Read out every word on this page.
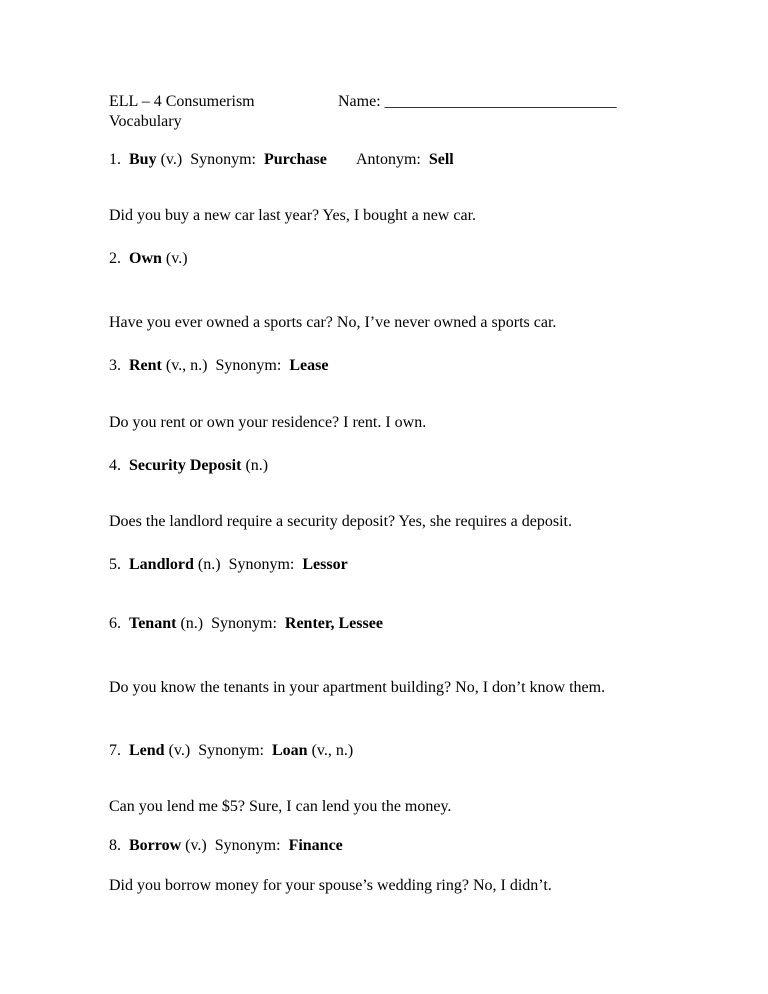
ELL – 4 Consumerism
Vocabulary
Name: _____________________________
1. Buy (v.) Synonym: Purchase Antonym: Sell
Did you buy a new car last year? Yes, I bought a new car.
2. Own (v.)
Have you ever owned a sports car? No, I’ve never owned a sports car.
3. Rent (v., n.) Synonym: Lease
Do you rent or own your residence? I rent. I own.
4. Security Deposit (n.)
Does the landlord require a security deposit? Yes, she requires a deposit.
5. Landlord (n.) Synonym: Lessor
6. Tenant (n.) Synonym: Renter, Lessee
Do you know the tenants in your apartment building? No, I don’t know them.
7. Lend (v.) Synonym: Loan (v., n.)
Can you lend me $5? Sure, I can lend you the money.
8. Borrow (v.) Synonym: Finance
Did you borrow money for your spouse’s wedding ring? No, I didn’t.
